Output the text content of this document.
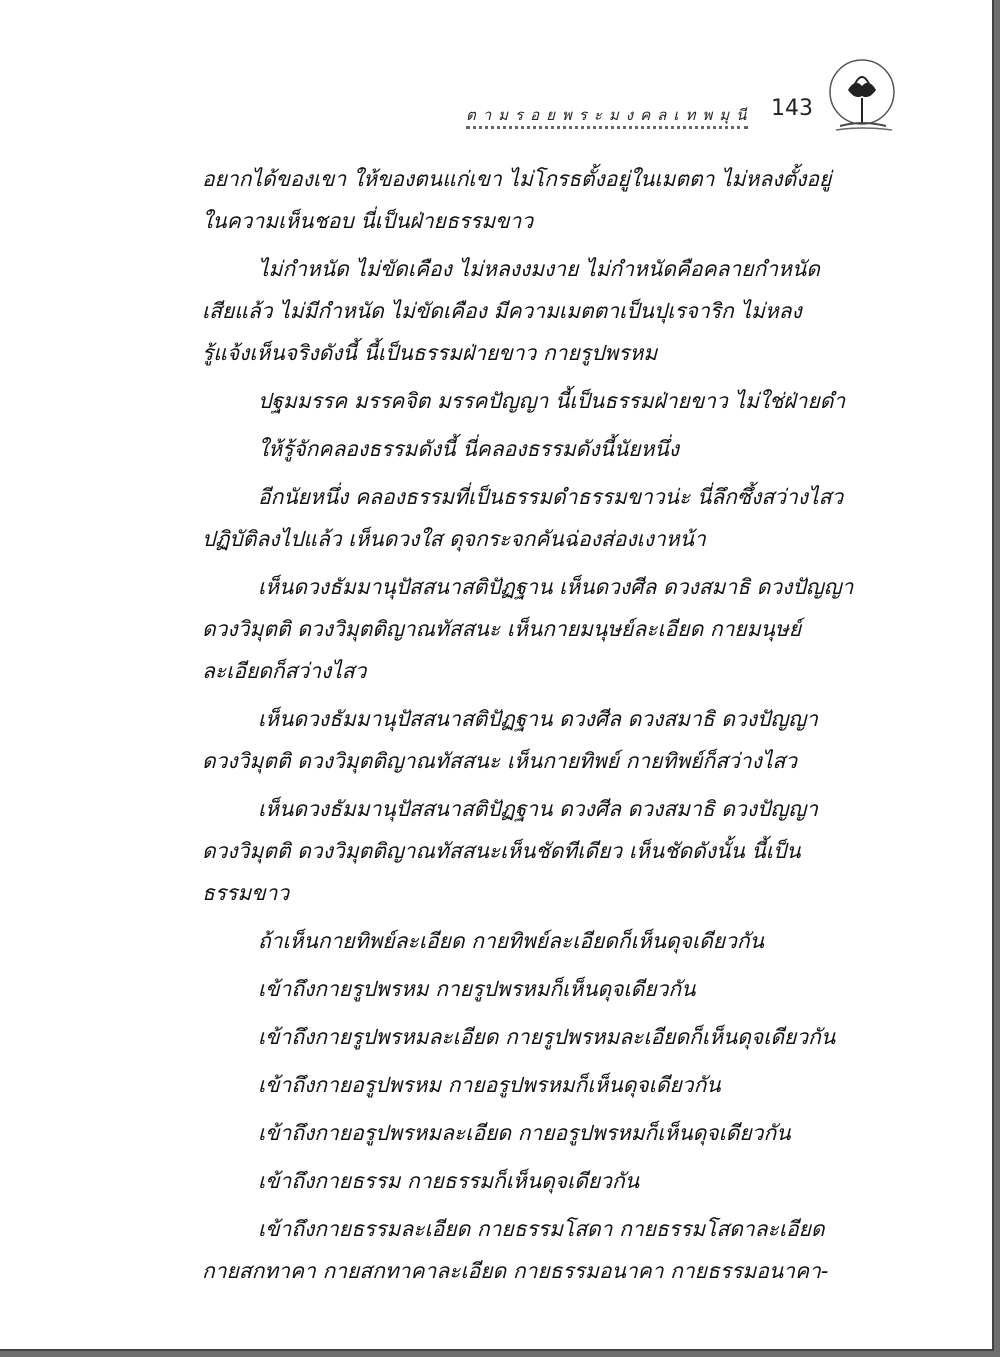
ตามรอยพระมงคลเทพมุนี 143
อยากได้ของเขา ให้ของตนแก่เขา ไม่โกรธตั้งอยู่ในเมตตา ไม่หลงตั้งอยู่
ในความเห็นชอบ นี่เป็นฝ่ายธรรมขาว
ไม่กำหนัด ไม่ขัดเคือง ไม่หลงงมงาย ไม่กำหนัดคือคลายกำหนัด
เสียแล้ว ไม่มีกำหนัด ไม่ขัดเคือง มีความเมตตาเป็นปุเรจาริก ไม่หลง
รู้แจ้งเห็นจริงดังนี้ นี้เป็นธรรมฝ่ายขาว กายรูปพรหม
ปฐมมรรค มรรคจิต มรรคปัญญา นี้เป็นธรรมฝ่ายขาว ไม่ใช่ฝ่ายดำ
ให้รู้จักคลองธรรมดังนี้ นี่คลองธรรมดังนี้นัยหนึ่ง
อีกนัยหนึ่ง คลองธรรมที่เป็นธรรมดำธรรมขาวน่ะ นี่ลึกซึ้งสว่างไสว
ปฏิบัติลงไปแล้ว เห็นดวงใส ดุจกระจกคันฉ่องส่องเงาหน้า
เห็นดวงธัมมานุปัสสนาสติปัฏฐาน เห็นดวงศีล ดวงสมาธิ ดวงปัญญา
ดวงวิมุตติ ดวงวิมุตติญาณทัสสนะ เห็นกายมนุษย์ละเอียด กายมนุษย์
ละเอียดก็สว่างไสว
เห็นดวงธัมมานุปัสสนาสติปัฏฐาน ดวงศีล ดวงสมาธิ ดวงปัญญา
ดวงวิมุตติ ดวงวิมุตติญาณทัสสนะ เห็นกายทิพย์ กายทิพย์ก็สว่างไสว
เห็นดวงธัมมานุปัสสนาสติปัฏฐาน ดวงศีล ดวงสมาธิ ดวงปัญญา
ดวงวิมุตติ ดวงวิมุตติญาณทัสสนะเห็นชัดทีเดียว เห็นชัดดังนั้น นี้เป็น
ธรรมขาว
ถ้าเห็นกายทิพย์ละเอียด กายทิพย์ละเอียดก็เห็นดุจเดียวกัน
เข้าถึงกายรูปพรหม กายรูปพรหมก็เห็นดุจเดียวกัน
เข้าถึงกายรูปพรหมละเอียด กายรูปพรหมละเอียดก็เห็นดุจเดียวกัน
เข้าถึงกายอรูปพรหม กายอรูปพรหมก็เห็นดุจเดียวกัน
เข้าถึงกายอรูปพรหมละเอียด กายอรูปพรหมก็เห็นดุจเดียวกัน
เข้าถึงกายธรรม กายธรรมก็เห็นดุจเดียวกัน
เข้าถึงกายธรรมละเอียด กายธรรมโสดา กายธรรมโสดาละเอียด
กายสกทาคา กายสกทาคาละเอียด กายธรรมอนาคา กายธรรมอนาคา-
